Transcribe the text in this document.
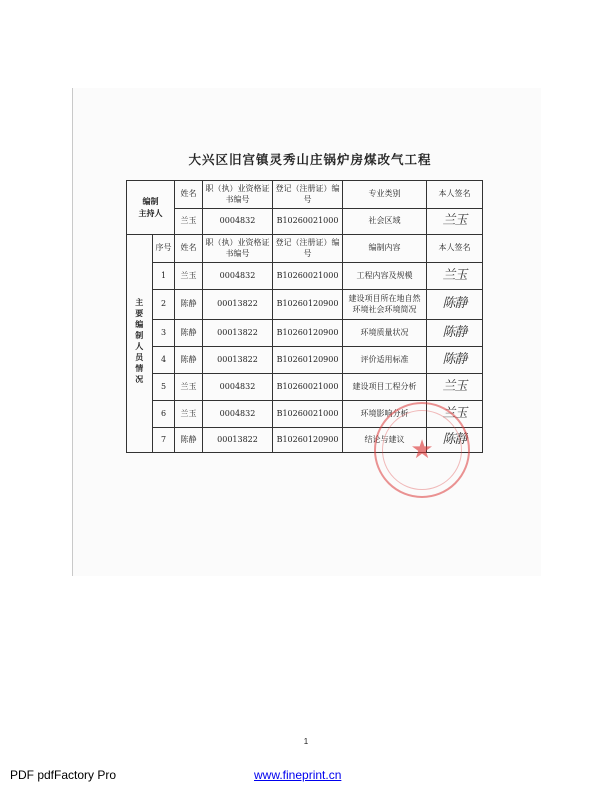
大兴区旧宫镇灵秀山庄锅炉房煤改气工程
编制
主持人		姓名	职（执）业资格证书编号	登记（注册证）编号	专业类别	本人签名
		兰玉	0004832	B10260021000	社会区域	兰玉
主要编制人员情况	序号	姓名	职（执）业资格证书编号	登记（注册证）编号	编制内容	本人签名
	1	兰玉	0004832	B10260021000	工程内容及规模	兰玉
	2	陈静	00013822	B10260120900	建设项目所在地自然环境社会环境简况	陈静
	3	陈静	00013822	B10260120900	环境质量状况	陈静
	4	陈静	00013822	B10260120900	评价适用标准	陈静
	5	兰玉	0004832	B10260021000	建设项目工程分析	兰玉
	6	兰玉	0004832	B10260021000	环境影响分析	兰玉
	7	陈静	00013822	B10260120900	结论与建议	陈静
★
1
PDF pdfFactory Pro	www.fineprint.cn
